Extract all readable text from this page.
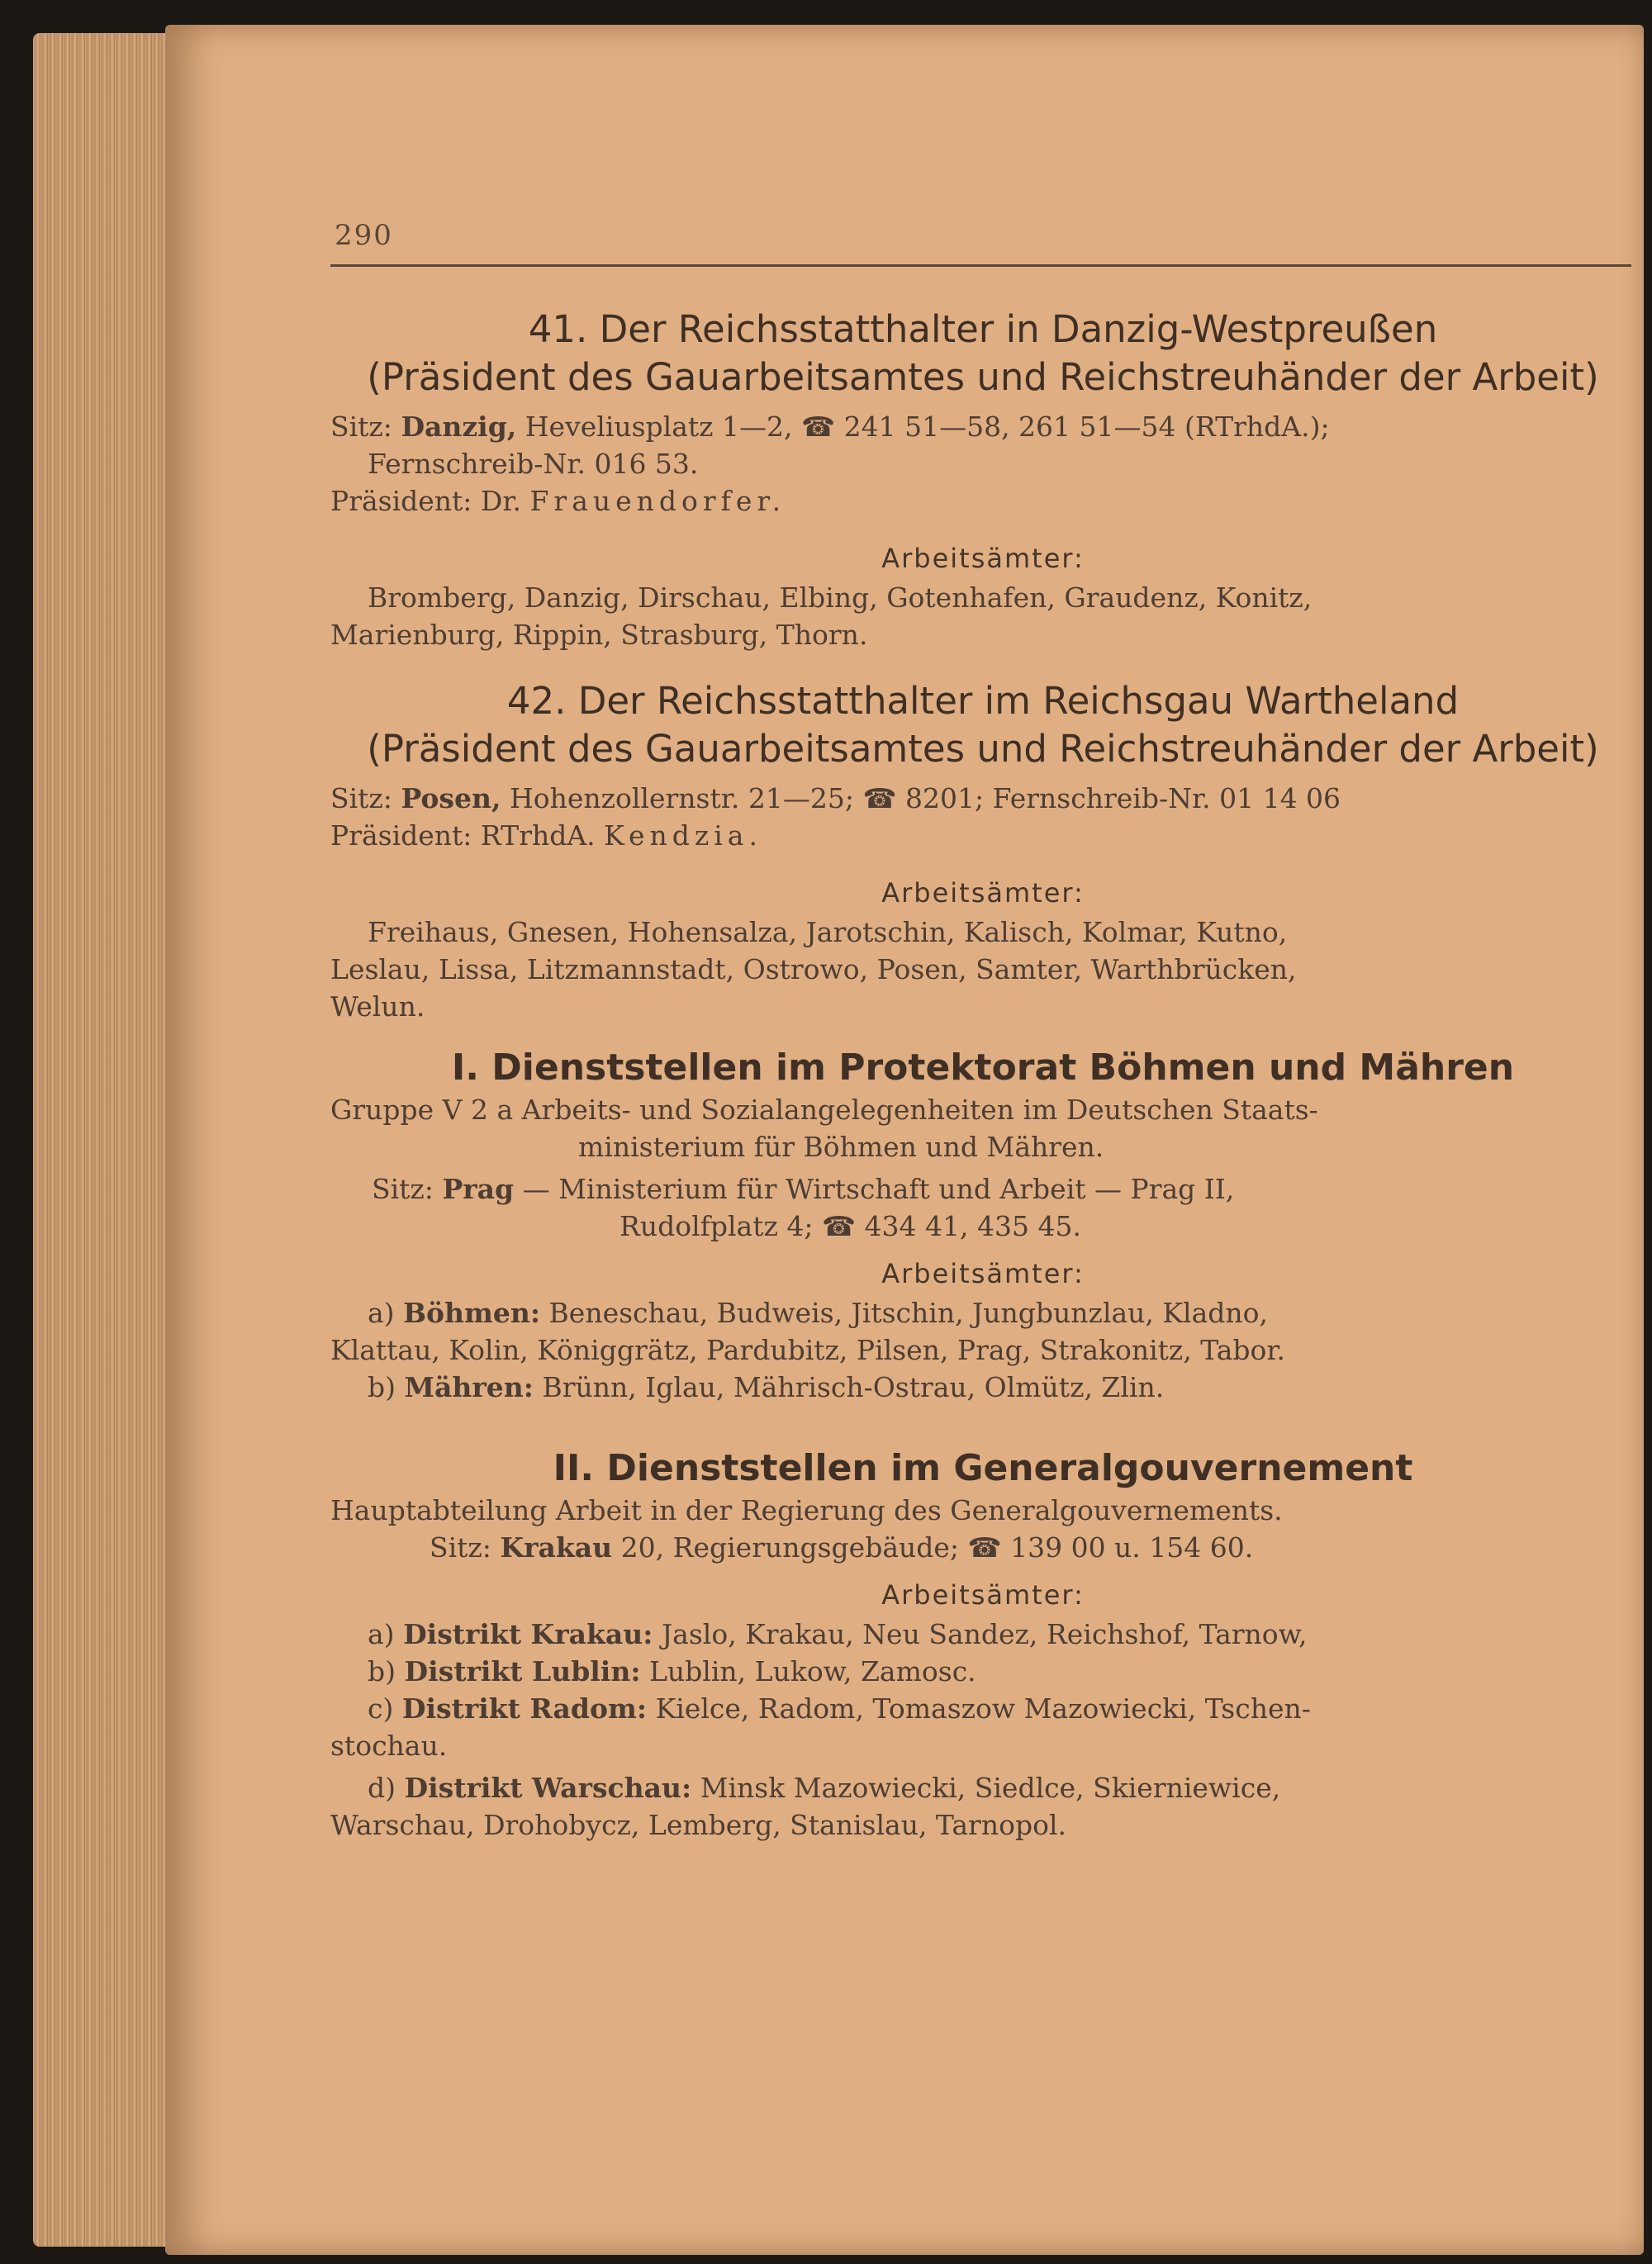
290

41. Der Reichsstatthalter in Danzig-Westpreußen

(Präsident des Gauarbeitsamtes und Reichstreuhänder der Arbeit)

Sitz: Danzig, Heveliusplatz 1—2, ☎ 241 51—58, 261 51—54 (RTrhdA.);

Fernschreib-Nr. 016 53.

Präsident: Dr. Frauendorfer.

Arbeitsämter:

Bromberg, Danzig, Dirschau, Elbing, Gotenhafen, Graudenz, Konitz,

Marienburg, Rippin, Strasburg, Thorn.

42. Der Reichsstatthalter im Reichsgau Wartheland

(Präsident des Gauarbeitsamtes und Reichstreuhänder der Arbeit)

Sitz: Posen, Hohenzollernstr. 21—25; ☎ 8201; Fernschreib-Nr. 01 14 06

Präsident: RTrhdA. Kendzia.

Arbeitsämter:

Freihaus, Gnesen, Hohensalza, Jarotschin, Kalisch, Kolmar, Kutno,

Leslau, Lissa, Litzmannstadt, Ostrowo, Posen, Samter, Warthbrücken,

Welun.

I. Dienststellen im Protektorat Böhmen und Mähren

Gruppe V 2 a Arbeits- und Sozialangelegenheiten im Deutschen Staats-

ministerium für Böhmen und Mähren.

Sitz: Prag — Ministerium für Wirtschaft und Arbeit — Prag II,

Rudolfplatz 4; ☎ 434 41, 435 45.

Arbeitsämter:

a) Böhmen: Beneschau, Budweis, Jitschin, Jungbunzlau, Kladno,

Klattau, Kolin, Königgrätz, Pardubitz, Pilsen, Prag, Strakonitz, Tabor.

b) Mähren: Brünn, Iglau, Mährisch-Ostrau, Olmütz, Zlin.

II. Dienststellen im Generalgouvernement

Hauptabteilung Arbeit in der Regierung des Generalgouvernements.

Sitz: Krakau 20, Regierungsgebäude; ☎ 139 00 u. 154 60.

Arbeitsämter:

a) Distrikt Krakau: Jaslo, Krakau, Neu Sandez, Reichshof, Tarnow,

b) Distrikt Lublin: Lublin, Lukow, Zamosc.

c) Distrikt Radom: Kielce, Radom, Tomaszow Mazowiecki, Tschen-

stochau.

d) Distrikt Warschau: Minsk Mazowiecki, Siedlce, Skierniewice,

Warschau, Drohobycz, Lemberg, Stanislau, Tarnopol.
